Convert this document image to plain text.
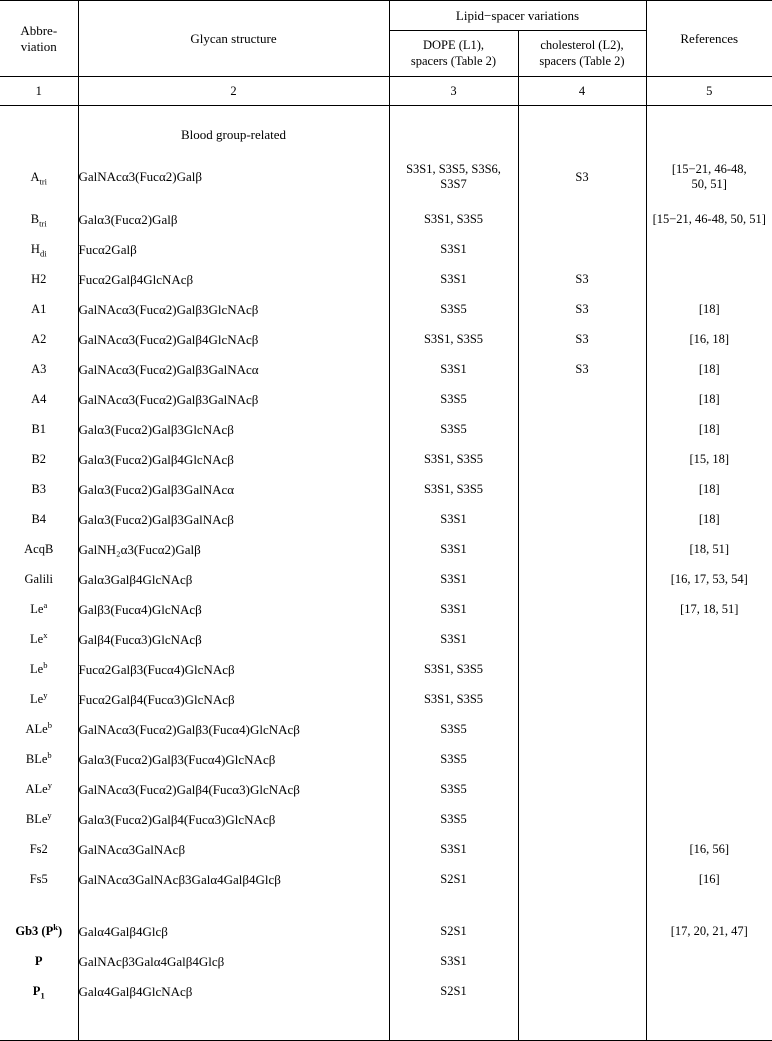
Abbre-
viation	Glycan structure	Lipid−spacer variations		References
		DOPE (L1),
spacers (Table 2)	cholesterol (L2),
spacers (Table 2)	
1	2	3	4	5

	Blood group-related			
$A_{tri}$	GalNAcα3(Fucα2)Galβ	S3S1, S3S5, S3S6,
S3S7	S3	[15−21, 46-48,
50, 51]
$B_{tri}$	Galα3(Fucα2)Galβ	S3S1, S3S5		[15−21, 46-48, 50, 51]
$H_{di}$	Fucα2Galβ	S3S1		
H2	Fucα2Galβ4GlcNAcβ	S3S1	S3	
A1	GalNAcα3(Fucα2)Galβ3GlcNAcβ	S3S5	S3	[18]
A2	GalNAcα3(Fucα2)Galβ4GlcNAcβ	S3S1, S3S5	S3	[16, 18]
A3	GalNAcα3(Fucα2)Galβ3GalNAcα	S3S1	S3	[18]
A4	GalNAcα3(Fucα2)Galβ3GalNAcβ	S3S5		[18]
B1	Galα3(Fucα2)Galβ3GlcNAcβ	S3S5		[18]
B2	Galα3(Fucα2)Galβ4GlcNAcβ	S3S1, S3S5		[15, 18]
B3	Galα3(Fucα2)Galβ3GalNAcα	S3S1, S3S5		[18]
B4	Galα3(Fucα2)Galβ3GalNAcβ	S3S1		[18]
AcqB	GalNH₂α3(Fucα2)Galβ	S3S1		[18, 51]
Galili	Galα3Galβ4GlcNAcβ	S3S1		[16, 17, 53, 54]
Le$^a$	Galβ3(Fucα4)GlcNAcβ	S3S1		[17, 18, 51]
Le$^x$	Galβ4(Fucα3)GlcNAcβ	S3S1		
Le$^b$	Fucα2Galβ3(Fucα4)GlcNAcβ	S3S1, S3S5		
Le$^y$	Fucα2Galβ4(Fucα3)GlcNAcβ	S3S1, S3S5		
ALe$^b$	GalNAcα3(Fucα2)Galβ3(Fucα4)GlcNAcβ	S3S5		
BLe$^b$	Galα3(Fucα2)Galβ3(Fucα4)GlcNAcβ	S3S5		
ALe$^y$	GalNAcα3(Fucα2)Galβ4(Fucα3)GlcNAcβ	S3S5		
BLe$^y$	Galα3(Fucα2)Galβ4(Fucα3)GlcNAcβ	S3S5		
Fs2	GalNAcα3GalNAcβ	S3S1		[16, 56]
Fs5	GalNAcα3GalNAcβ3Galα4Galβ4Glcβ	S2S1		[16]

Gb3 $(P^k)$	Galα4Galβ4Glcβ	S2S1		[17, 20, 21, 47]
P	GalNAcβ3Galα4Galβ4Glcβ	S3S1		
$P_1$	Galα4Galβ4GlcNAcβ	S2S1		
